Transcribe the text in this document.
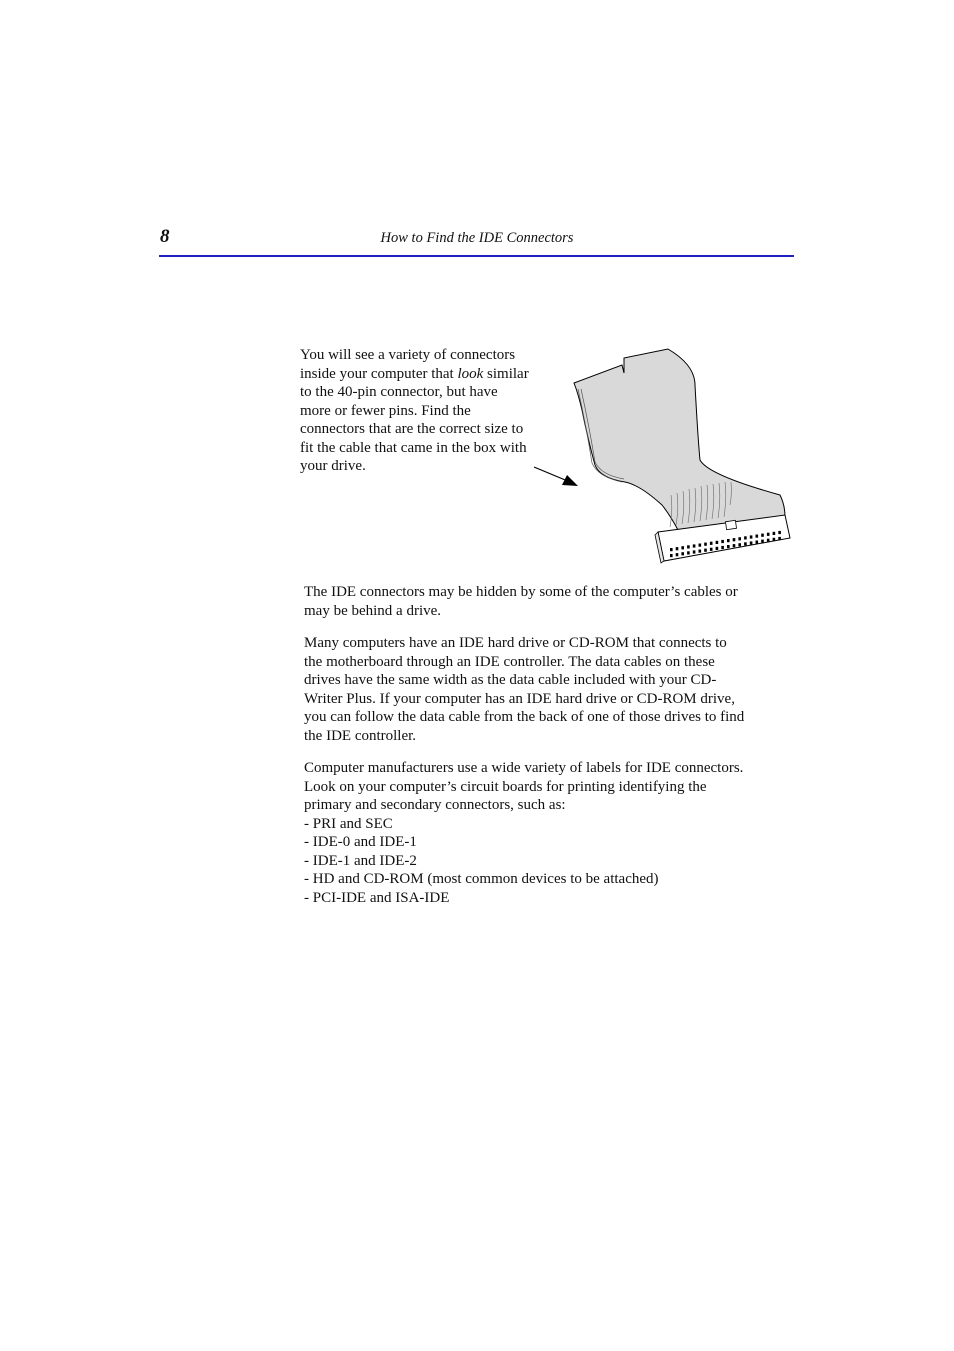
8	How to Find the IDE Connectors
You will see a variety of connectors
inside your computer that look similar
to the 40-pin connector, but have
more or fewer pins. Find the
connectors that are the correct size to
fit the cable that came in the box with
your drive.

The IDE connectors may be hidden by some of the computer’s cables or
may be behind a drive.

Many computers have an IDE hard drive or CD-ROM that connects to
the motherboard through an IDE controller. The data cables on these
drives have the same width as the data cable included with your CD-
Writer Plus. If your computer has an IDE hard drive or CD-ROM drive,
you can follow the data cable from the back of one of those drives to find
the IDE controller.

Computer manufacturers use a wide variety of labels for IDE connectors.
Look on your computer’s circuit boards for printing identifying the
primary and secondary connectors, such as:
- PRI and SEC
- IDE-0 and IDE-1
- IDE-1 and IDE-2
- HD and CD-ROM (most common devices to be attached)
- PCI-IDE and ISA-IDE
